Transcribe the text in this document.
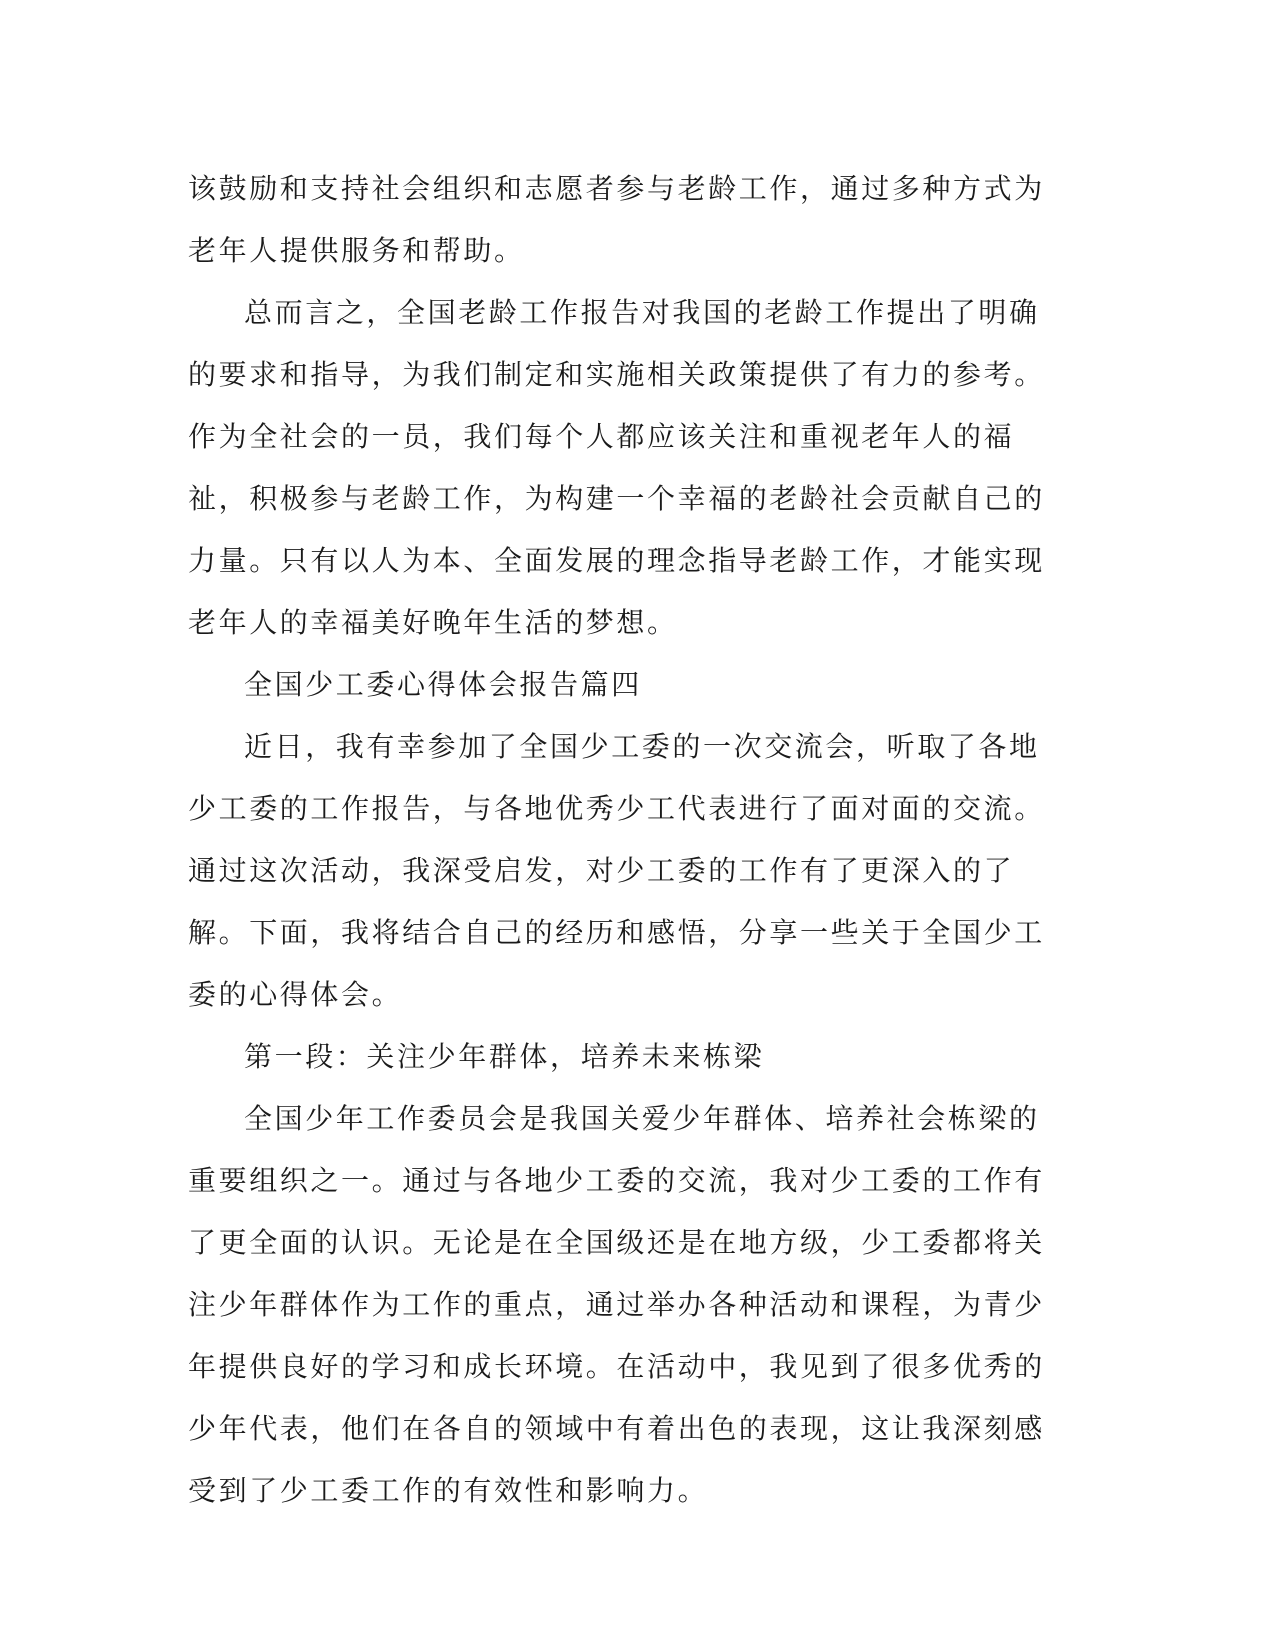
该鼓励和支持社会组织和志愿者参与老龄工作，通过多种方式为老年人提供服务和帮助。

总而言之，全国老龄工作报告对我国的老龄工作提出了明确的要求和指导，为我们制定和实施相关政策提供了有力的参考。作为全社会的一员，我们每个人都应该关注和重视老年人的福祉，积极参与老龄工作，为构建一个幸福的老龄社会贡献自己的力量。只有以人为本、全面发展的理念指导老龄工作，才能实现老年人的幸福美好晚年生活的梦想。

全国少工委心得体会报告篇四

近日，我有幸参加了全国少工委的一次交流会，听取了各地少工委的工作报告，与各地优秀少工代表进行了面对面的交流。通过这次活动，我深受启发，对少工委的工作有了更深入的了解。下面，我将结合自己的经历和感悟，分享一些关于全国少工委的心得体会。

第一段：关注少年群体，培养未来栋梁

全国少年工作委员会是我国关爱少年群体、培养社会栋梁的重要组织之一。通过与各地少工委的交流，我对少工委的工作有了更全面的认识。无论是在全国级还是在地方级，少工委都将关注少年群体作为工作的重点，通过举办各种活动和课程，为青少年提供良好的学习和成长环境。在活动中，我见到了很多优秀的少年代表，他们在各自的领域中有着出色的表现，这让我深刻感受到了少工委工作的有效性和影响力。
